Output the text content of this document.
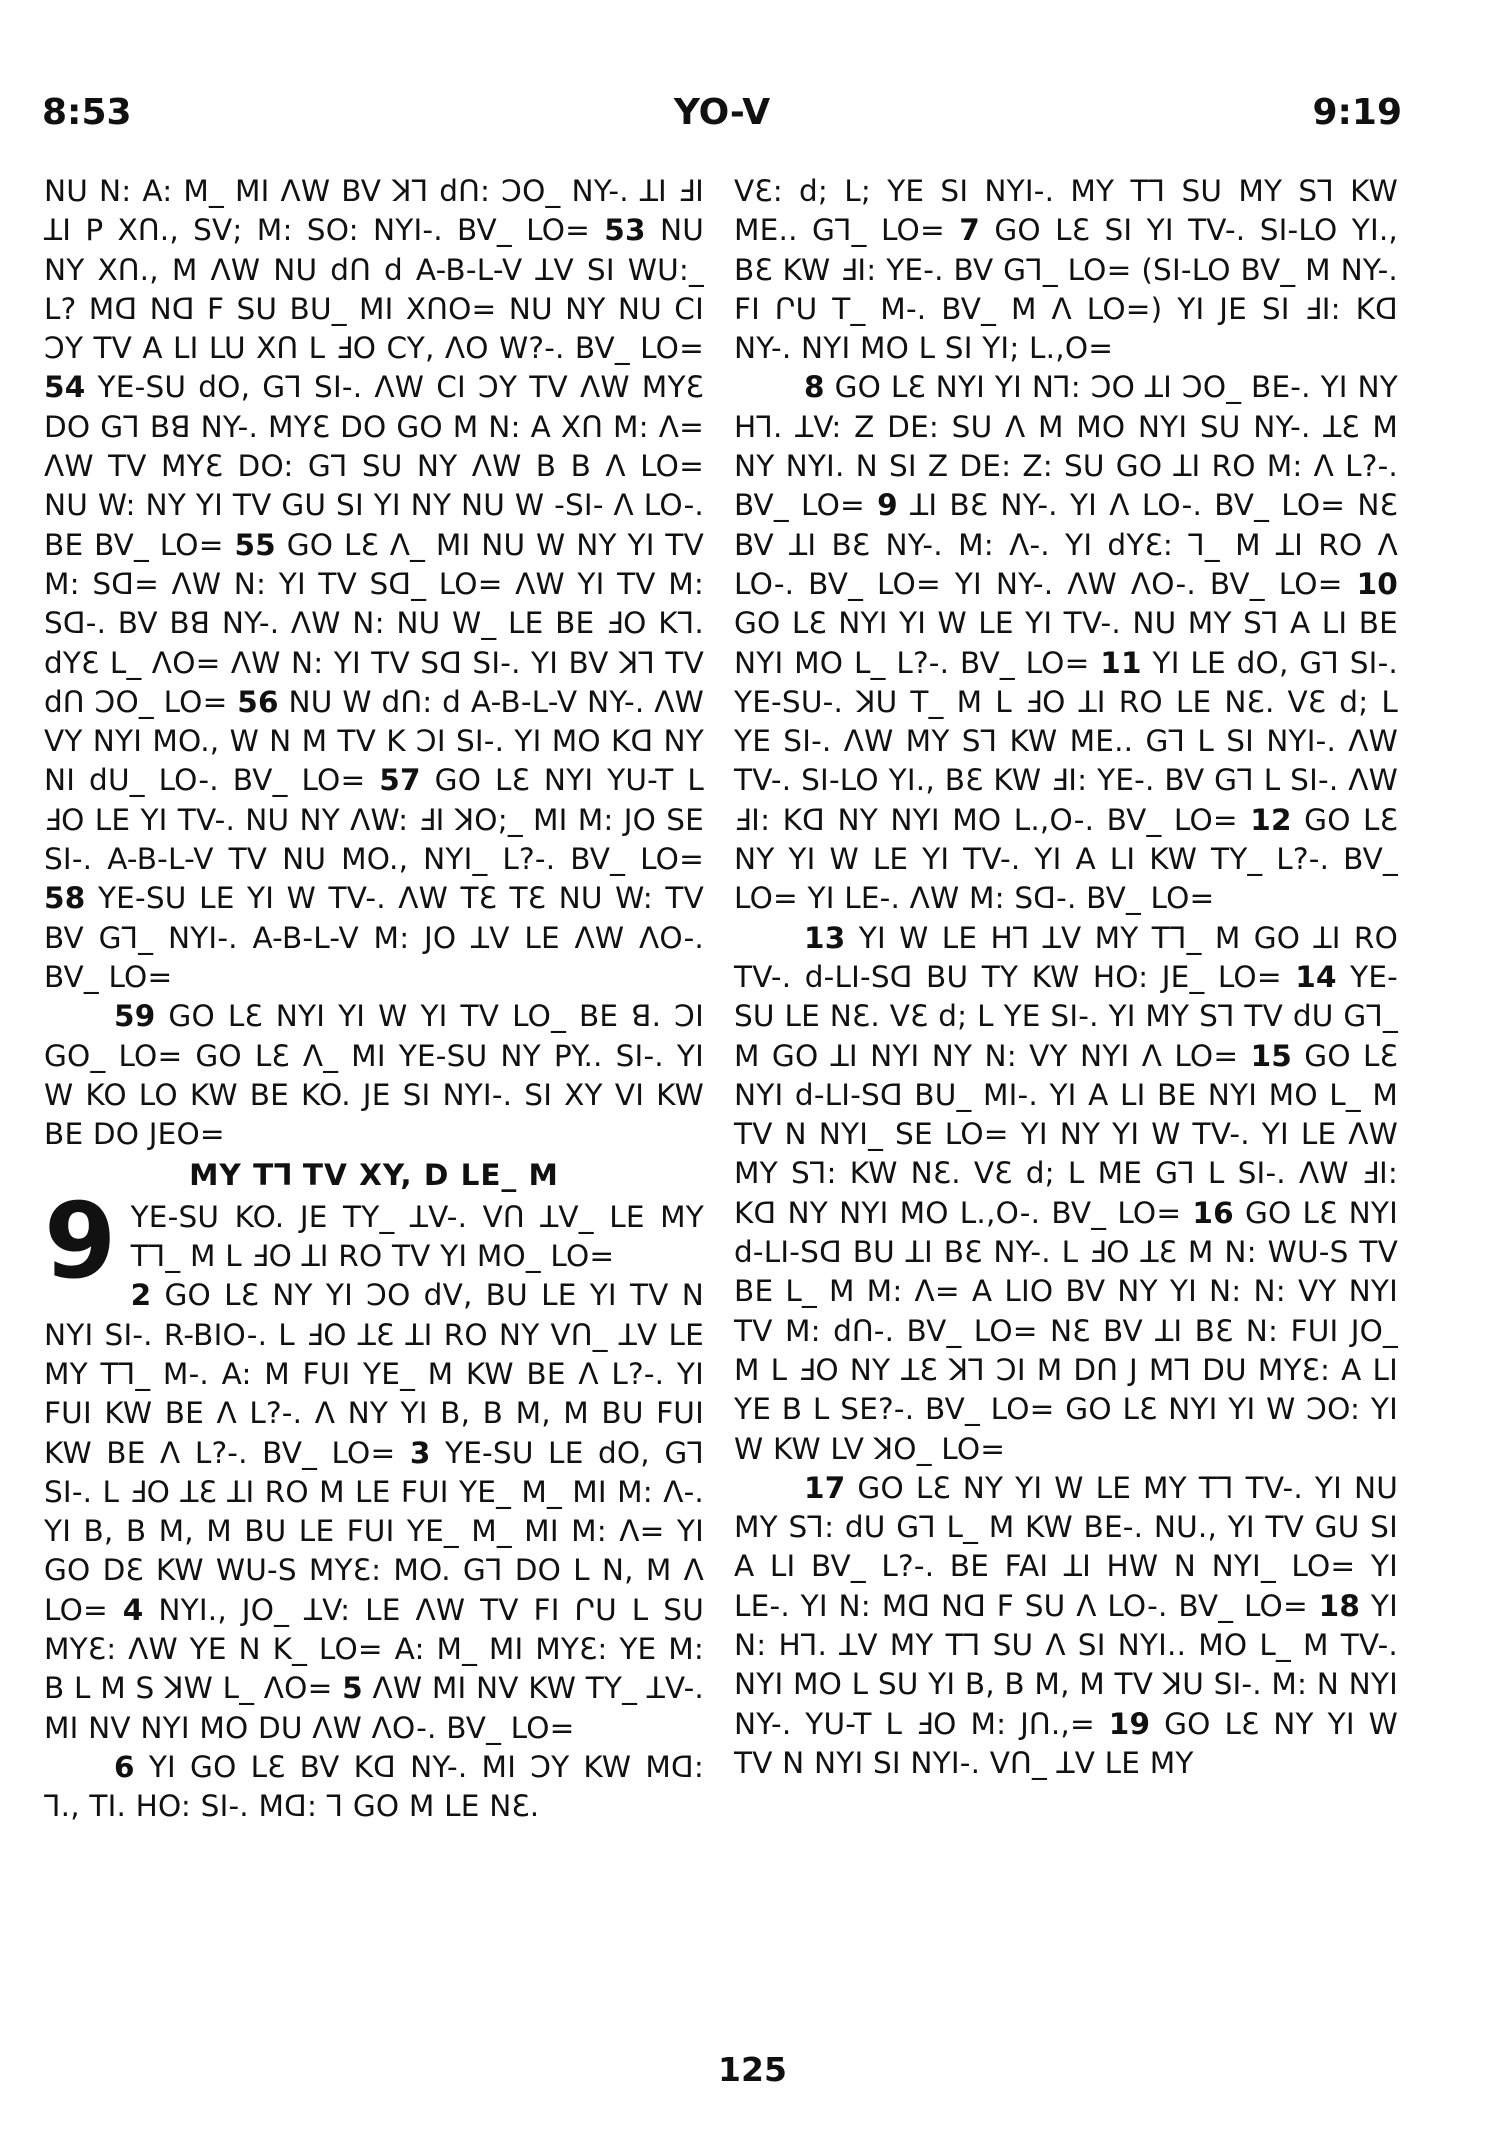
8:53	YO-V	9:19

NU N: A: M_ MI ΛW BV ꓘꓶ dՈ: ϽO_ NY-. ꓕI ꓞI ꓕI P XՈ., SV; M: SO: NYI-. BV_ LO= 53 NU NY XՈ., M ΛW NU dՈ d A-B-L-V ꓕV SI WU:_ L? Mꓷ Nꓷ F SU BU_ MI XՈO= NU NY NU CI ϽY TV A LI LU XՈ L ꓞO CY, ΛO W?-. BV_ LO= 54 YE-SU dO, Gꓶ SI-. ΛW CI ϽY TV ΛW MYƐ DO Gꓶ Bꓭ NY-. MYƐ DO GO M N: A XՈ M: Λ= ΛW TV MYƐ DO: Gꓶ SU NY ΛW B B Λ LO= NU W: NY YI TV GU SI YI NY NU W -SI- Λ LO-. BE BV_ LO= 55 GO LƐ Λ_ MI NU W NY YI TV M: Sꓷ= ΛW N: YI TV Sꓷ_ LO= ΛW YI TV M: Sꓷ-. BV Bꓭ NY-. ΛW N: NU W_ LE BE ꓞO Kꓶ. dYƐ L_ ΛO= ΛW N: YI TV Sꓷ SI-. YI BV ꓘꓶ TV dՈ ϽO_ LO= 56 NU W dՈ: d A-B-L-V NY-. ΛW VY NYI MO., W N M TV K ϽI SI-. YI MO Kꓷ NY NI dU_ LO-. BV_ LO= 57 GO LƐ NYI YU-T L ꓞO LE YI TV-. NU NY ΛW: ꓞI ꓘO;_ MI M: JO SE SI-. A-B-L-V TV NU MO., NYI_ L?-. BV_ LO= 58 YE-SU LE YI W TV-. ΛW TƐ TƐ NU W: TV BV Gꓶ_ NYI-. A-B-L-V M: JO ꓕV LE ΛW ΛO-. BV_ LO=

59 GO LƐ NYI YI W YI TV LO_ BE ꓭ. ϽI GO_ LO= GO LƐ Λ_ MI YE-SU NY PY.. SI-. YI W KO LO KW BE KO. JE SI NYI-. SI XY VI KW BE DO JEO=

MY Tꓶ TV XY, D LE_ M
9 YE-SU KO. JE TY_ ꓕV-. VՈ ꓕV_ LE MY Tꓶ_ M L ꓞO ꓕI RO TV YI MO_ LO=

2 GO LƐ NY YI ϽO dV, BU LE YI TV N NYI SI-. R-BIO-. L ꓞO ꓕƐ ꓕI RO NY VՈ_ ꓕV LE MY Tꓶ_ M-. A: M FUI YE_ M KW BE Λ L?-. YI FUI KW BE Λ L?-. Λ NY YI B, B M, M BU FUI KW BE Λ L?-. BV_ LO= 3 YE-SU LE dO, Gꓶ SI-. L ꓞO ꓕƐ ꓕI RO M LE FUI YE_ M_ MI M: Λ-. YI B, B M, M BU LE FUI YE_ M_ MI M: Λ= YI GO DƐ KW WU-S MYƐ: MO. Gꓶ DO L N, M Λ LO= 4 NYI., JO_ ꓕV: LE ΛW TV FI ՐU L SU MYƐ: ΛW YE N K_ LO= A: M_ MI MYƐ: YE M: B L M S ꓘW L_ ΛO= 5 ΛW MI NV KW TY_ ꓕV-. MI NV NYI MO DU ΛW ΛO-. BV_ LO=

6 YI GO LƐ BV Kꓷ NY-. MI ϽY KW Mꓷ: ꓶ., TI. HO: SI-. Mꓷ: ꓶ GO M LE NƐ.

VƐ: d; L; YE SI NYI-. MY Tꓶ SU MY Sꓶ KW ME.. Gꓶ_ LO= 7 GO LƐ SI YI TV-. SI-LO YI., BƐ KW ꓞI: YE-. BV Gꓶ_ LO= (SI-LO BV_ M NY-. FI ՐU T_ M-. BV_ M Λ LO=) YI JE SI ꓞI: Kꓷ NY-. NYI MO L SI YI; L.,O=

8 GO LƐ NYI YI Nꓶ: ϽO ꓕI ϽO_ BE-. YI NY Hꓶ. ꓕV: Z DE: SU Λ M MO NYI SU NY-. ꓕƐ M NY NYI. N SI Z DE: Z: SU GO ꓕI RO M: Λ L?-. BV_ LO= 9 ꓕI BƐ NY-. YI Λ LO-. BV_ LO= NƐ BV ꓕI BƐ NY-. M: Λ-. YI dYƐ: ꓶ_ M ꓕI RO Λ LO-. BV_ LO= YI NY-. ΛW ΛO-. BV_ LO= 10 GO LƐ NYI YI W LE YI TV-. NU MY Sꓶ A LI BE NYI MO L_ L?-. BV_ LO= 11 YI LE dO, Gꓶ SI-. YE-SU-. ꓘU T_ M L ꓞO ꓕI RO LE NƐ. VƐ d; L YE SI-. ΛW MY Sꓶ KW ME.. Gꓶ L SI NYI-. ΛW TV-. SI-LO YI., BƐ KW ꓞI: YE-. BV Gꓶ L SI-. ΛW ꓞI: Kꓷ NY NYI MO L.,O-. BV_ LO= 12 GO LƐ NY YI W LE YI TV-. YI A LI KW TY_ L?-. BV_ LO= YI LE-. ΛW M: Sꓷ-. BV_ LO=

13 YI W LE Hꓶ ꓕV MY Tꓶ_ M GO ꓕI RO TV-. d-LI-Sꓷ BU TY KW HO: JE_ LO= 14 YE-SU LE NƐ. VƐ d; L YE SI-. YI MY Sꓶ TV dU Gꓶ_ M GO ꓕI NYI NY N: VY NYI Λ LO= 15 GO LƐ NYI d-LI-Sꓷ BU_ MI-. YI A LI BE NYI MO L_ M TV N NYI_ SE LO= YI NY YI W TV-. YI LE ΛW MY Sꓶ: KW NƐ. VƐ d; L ME Gꓶ L SI-. ΛW ꓞI: Kꓷ NY NYI MO L.,O-. BV_ LO= 16 GO LƐ NYI d-LI-Sꓷ BU ꓕI BƐ NY-. L ꓞO ꓕƐ M N: WU-S TV BE L_ M M: Λ= A LIO BV NY YI N: N: VY NYI TV M: dՈ-. BV_ LO= NƐ BV ꓕI BƐ N: FUI JO_ M L ꓞO NY ꓕƐ ꓘꓶ ϽI M DՈ J Mꓶ DU MYƐ: A LI YE B L SE?-. BV_ LO= GO LƐ NYI YI W ϽO: YI W KW LV ꓘO_ LO=

17 GO LƐ NY YI W LE MY Tꓶ TV-. YI NU MY Sꓶ: dU Gꓶ L_ M KW BE-. NU., YI TV GU SI A LI BV_ L?-. BE FAI ꓕI HW N NYI_ LO= YI LE-. YI N: Mꓷ Nꓷ F SU Λ LO-. BV_ LO= 18 YI N: Hꓶ. ꓕV MY Tꓶ SU Λ SI NYI.. MO L_ M TV-. NYI MO L SU YI B, B M, M TV ꓘU SI-. M: N NYI NY-. YU-T L ꓞO M: JՈ.,= 19 GO LƐ NY YI W TV N NYI SI NYI-. VՈ_ ꓕV LE MY

125
